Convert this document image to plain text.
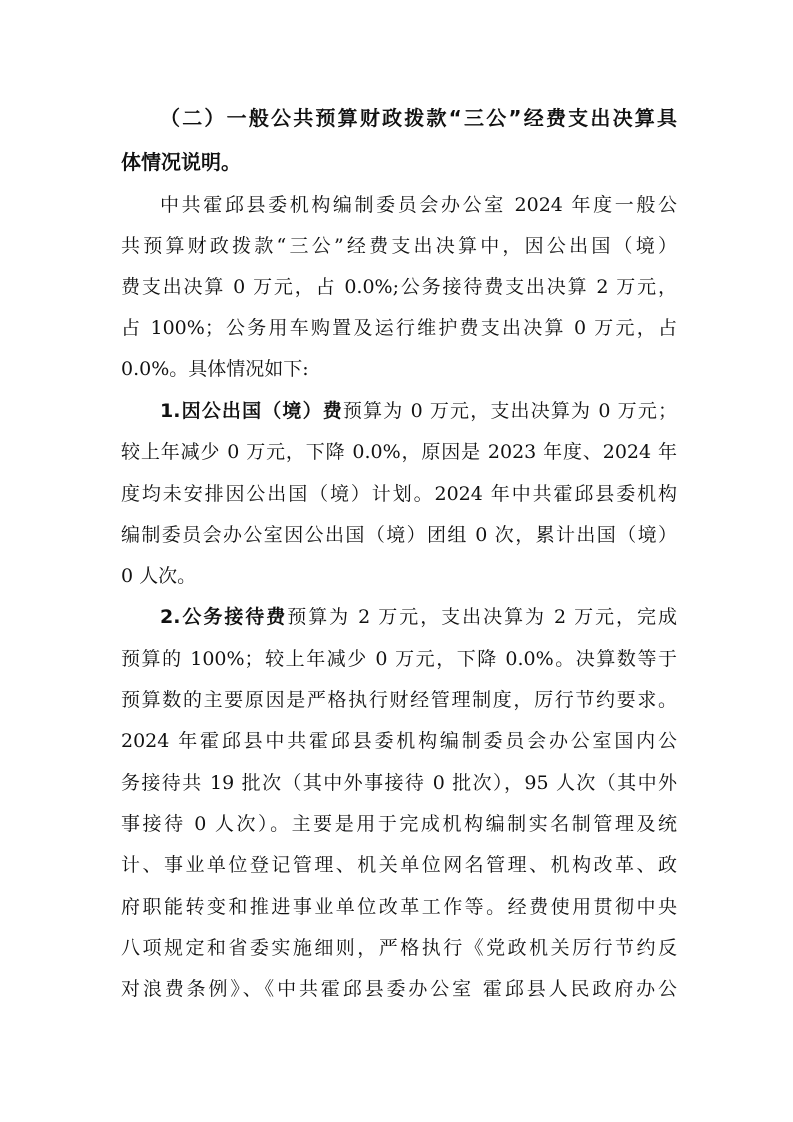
（二）一般公共预算财政拨款“三公”经费支出决算具
体情况说明。
中共霍邱县委机构编制委员会办公室 2024 年度一般公
共预算财政拨款“三公”经费支出决算中，因公出国（境）
费支出决算 0 万元，占 0.0%;公务接待费支出决算 2 万元，
占 100%；公务用车购置及运行维护费支出决算 0 万元，占
0.0%。具体情况如下:
1.因公出国（境）费预算为 0 万元，支出决算为 0 万元；
较上年减少 0 万元，下降 0.0%，原因是 2023 年度、2024 年
度均未安排因公出国（境）计划。2024 年中共霍邱县委机构
编制委员会办公室因公出国（境）团组 0 次，累计出国（境）
0 人次。
2.公务接待费预算为 2 万元，支出决算为 2 万元，完成
预算的 100%；较上年减少 0 万元，下降 0.0%。决算数等于
预算数的主要原因是严格执行财经管理制度，厉行节约要求。
2024 年霍邱县中共霍邱县委机构编制委员会办公室国内公
务接待共 19 批次（其中外事接待 0 批次），95 人次（其中外
事接待 0 人次）。主要是用于完成机构编制实名制管理及统
计、事业单位登记管理、机关单位网名管理、机构改革、政
府职能转变和推进事业单位改革工作等。经费使用贯彻中央
八项规定和省委实施细则，严格执行《党政机关厉行节约反
对浪费条例》、《中共霍邱县委办公室 霍邱县人民政府办公
